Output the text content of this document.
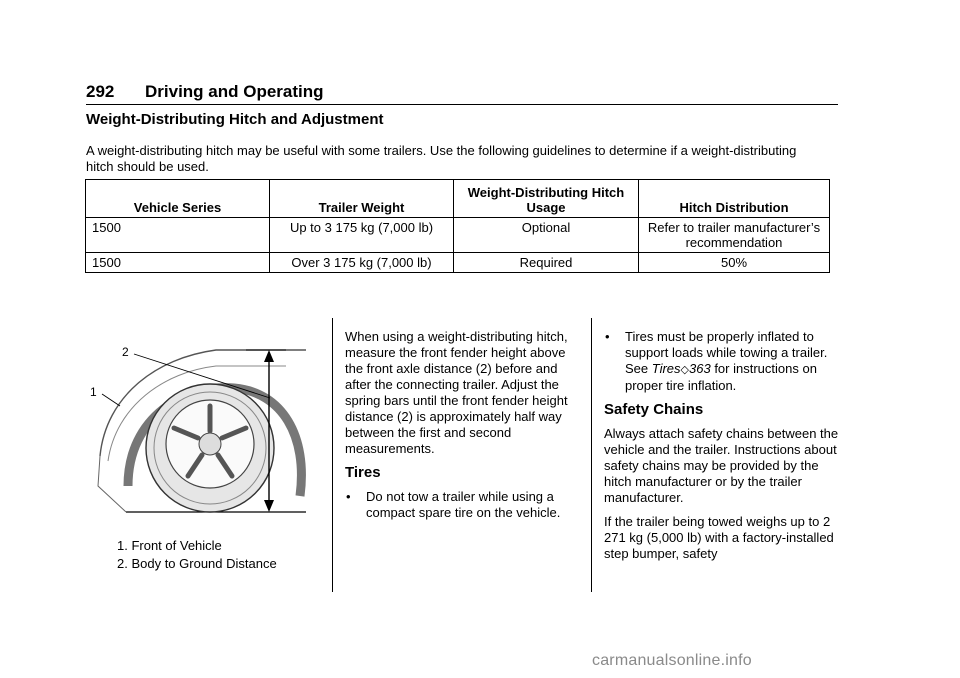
292 Driving and Operating
Weight-Distributing Hitch and Adjustment
A weight-distributing hitch may be useful with some trailers. Use the following guidelines to determine if a weight-distributing hitch should be used.
Vehicle Series	Trailer Weight	Weight-Distributing Hitch Usage	Hitch Distribution
1500	Up to 3 175 kg (7,000 lb)	Optional	Refer to trailer manufacturer’s recommendation
1500	Over 3 175 kg (7,000 lb)	Required	50%
2
1
1. Front of Vehicle
2. Body to Ground Distance

When using a weight-distributing hitch, measure the front fender height above the front axle distance (2) before and after the connecting trailer. Adjust the spring bars until the front fender height distance (2) is approximately half way between the first and second measurements.

Tires
• Do not tow a trailer while using a compact spare tire on the vehicle.
• Tires must be properly inflated to support loads while towing a trailer. See Tires◇363 for instructions on proper tire inflation.
Safety Chains

Always attach safety chains between the vehicle and the trailer. Instructions about safety chains may be provided by the hitch manufacturer or by the trailer manufacturer.

If the trailer being towed weighs up to 2 271 kg (5,000 lb) with a factory-installed step bumper, safety

carmanualsonline.info
